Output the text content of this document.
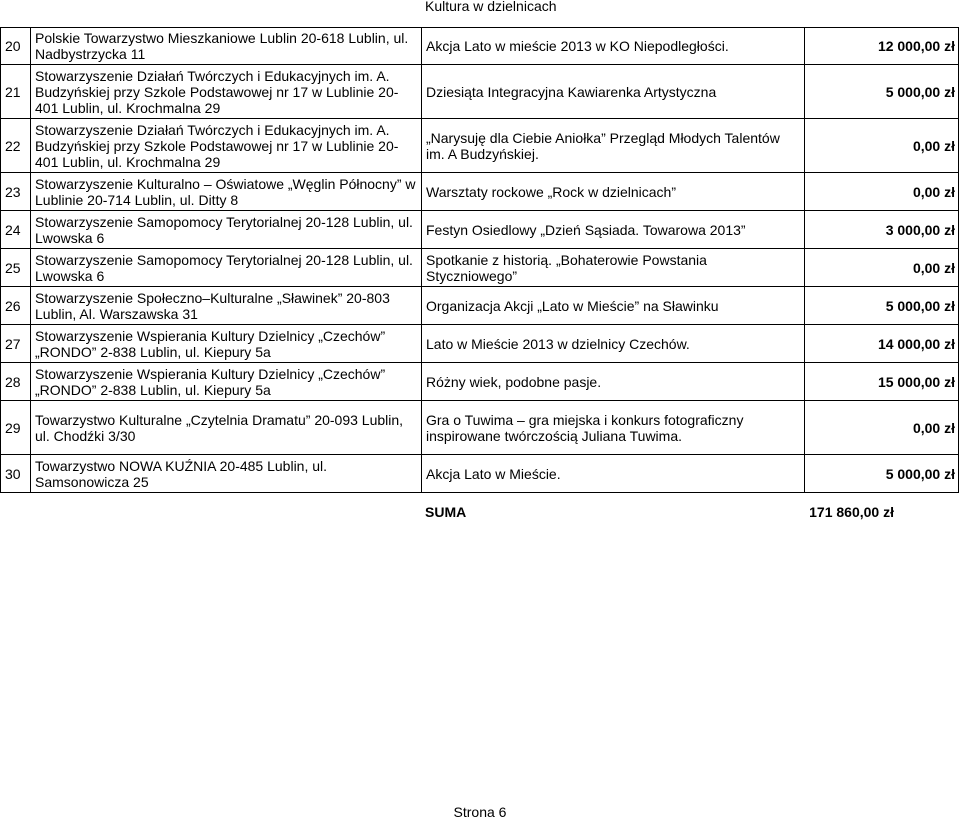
Kultura w dzielnicach
20	Polskie Towarzystwo Mieszkaniowe Lublin 20-618 Lublin, ul. Nadbystrzycka 11	Akcja Lato w mieście 2013 w KO Niepodległości.	12 000,00 zł
21	Stowarzyszenie Działań Twórczych i Edukacyjnych im. A. Budzyńskiej przy Szkole Podstawowej nr 17 w Lublinie 20-401 Lublin, ul. Krochmalna 29	Dziesiąta Integracyjna Kawiarenka Artystyczna	5 000,00 zł
22	Stowarzyszenie Działań Twórczych i Edukacyjnych im. A. Budzyńskiej przy Szkole Podstawowej nr 17 w Lublinie 20-401 Lublin, ul. Krochmalna 29	„Narysuję dla Ciebie Aniołka” Przegląd Młodych Talentów im. A Budzyńskiej.	0,00 zł
23	Stowarzyszenie Kulturalno – Oświatowe „Węglin Północny” w Lublinie 20-714 Lublin, ul. Ditty 8	Warsztaty rockowe „Rock w dzielnicach”	0,00 zł
24	Stowarzyszenie Samopomocy Terytorialnej 20-128 Lublin, ul. Lwowska 6	Festyn Osiedlowy „Dzień Sąsiada. Towarowa 2013”	3 000,00 zł
25	Stowarzyszenie Samopomocy Terytorialnej 20-128 Lublin, ul. Lwowska 6	Spotkanie z historią. „Bohaterowie Powstania Styczniowego”	0,00 zł
26	Stowarzyszenie Społeczno–Kulturalne „Sławinek” 20-803 Lublin, Al. Warszawska 31	Organizacja Akcji „Lato w Mieście” na Sławinku	5 000,00 zł
27	Stowarzyszenie Wspierania Kultury Dzielnicy „Czechów” „RONDO” 2-838 Lublin, ul. Kiepury 5a	Lato w Mieście 2013 w dzielnicy Czechów.	14 000,00 zł
28	Stowarzyszenie Wspierania Kultury Dzielnicy „Czechów” „RONDO” 2-838 Lublin, ul. Kiepury 5a	Różny wiek, podobne pasje.	15 000,00 zł
29	Towarzystwo Kulturalne „Czytelnia Dramatu” 20-093 Lublin, ul. Chodźki 3/30	Gra o Tuwima – gra miejska i konkurs fotograficzny inspirowane twórczością Juliana Tuwima.	0,00 zł
30	Towarzystwo NOWA KUŹNIA 20-485 Lublin, ul. Samsonowicza 25	Akcja Lato w Mieście.	5 000,00 zł
SUMA	171 860,00 zł
Strona 6
